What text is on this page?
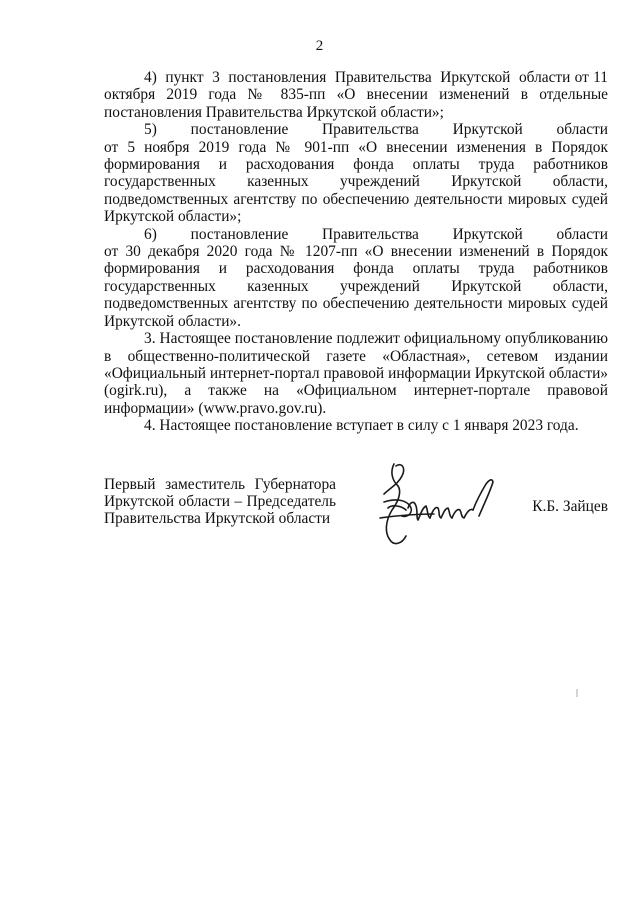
2

4)  пункт  3  постановления  Правительства  Иркутской  области от 11 октября 2019 года № 835-пп «О внесении изменений в отдельные постановления Правительства Иркутской области»;

5)        постановление        Правительства        Иркутской        области от 5 ноября 2019 года № 901-пп «О внесении изменения в Порядок формирования и расходования фонда оплаты труда работников государственных казенных учреждений Иркутской области, подведомственных агентству по обеспечению деятельности мировых судей Иркутской области»;

6)        постановление        Правительства        Иркутской        области от 30 декабря 2020 года № 1207-пп «О внесении изменений в Порядок формирования и расходования фонда оплаты труда работников государственных казенных учреждений Иркутской области, подведомственных агентству по обеспечению деятельности мировых судей Иркутской области».

3. Настоящее постановление подлежит официальному опубликованию в общественно-политической газете «Областная», сетевом издании «Официальный интернет-портал правовой информации Иркутской области» (ogirk.ru), а также на «Официальном интернет-портале правовой информации» (www.pravo.gov.ru).

4. Настоящее постановление вступает в силу с 1 января 2023 года.

Первый заместитель Губернатора
Иркутской области – Председатель
Правительства Иркутской области
К.Б. Зайцев
